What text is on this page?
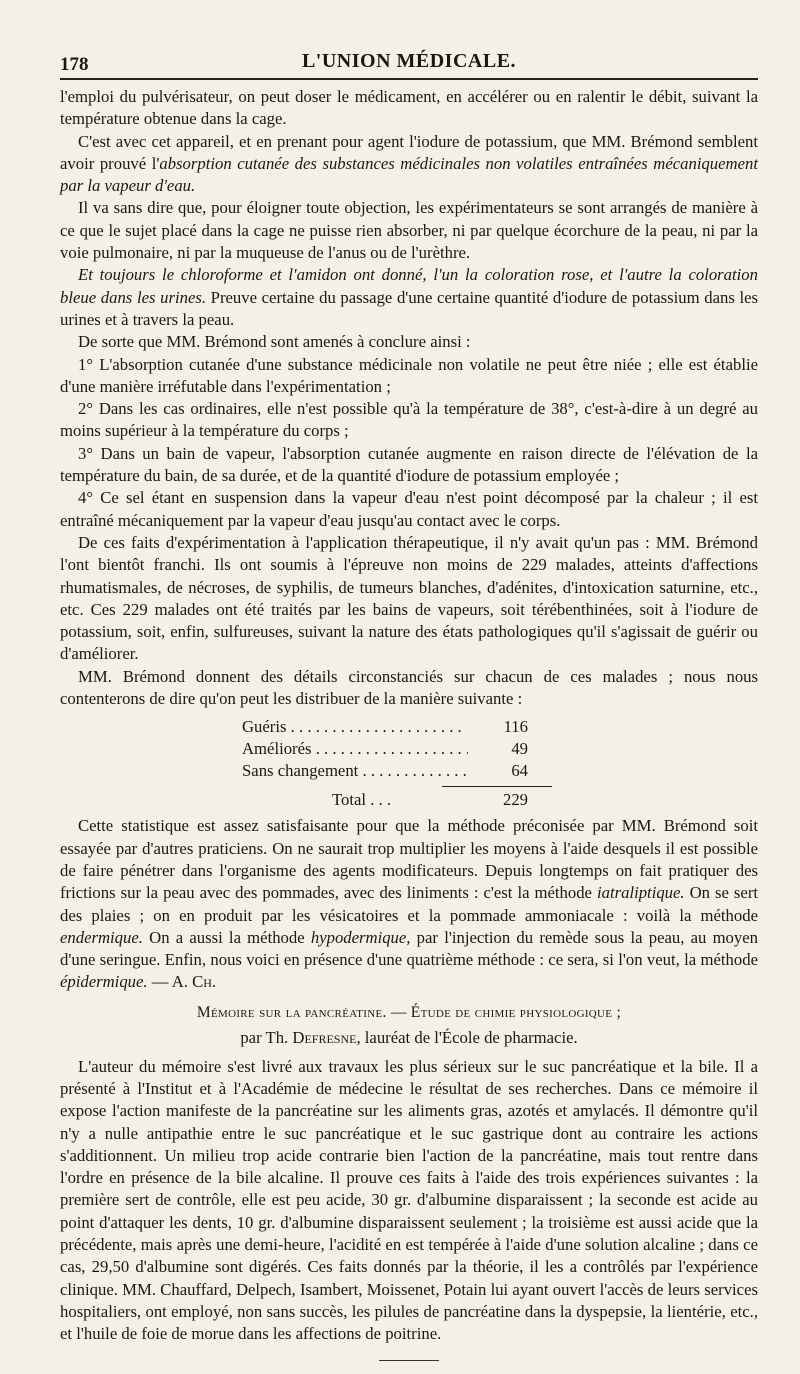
178	L'UNION MÉDICALE.

l'emploi du pulvérisateur, on peut doser le médicament, en accélérer ou en ralentir le débit, suivant la température obtenue dans la cage.

C'est avec cet appareil, et en prenant pour agent l'iodure de potassium, que MM. Brémond semblent avoir prouvé l'absorption cutanée des substances médicinales non volatiles entraînées mécaniquement par la vapeur d'eau.

Il va sans dire que, pour éloigner toute objection, les expérimentateurs se sont arrangés de manière à ce que le sujet placé dans la cage ne puisse rien absorber, ni par quelque écorchure de la peau, ni par la voie pulmonaire, ni par la muqueuse de l'anus ou de l'urèthre.

Et toujours le chloroforme et l'amidon ont donné, l'un la coloration rose, et l'autre la coloration bleue dans les urines. Preuve certaine du passage d'une certaine quantité d'iodure de potassium dans les urines et à travers la peau.

De sorte que MM. Brémond sont amenés à conclure ainsi :

1° L'absorption cutanée d'une substance médicinale non volatile ne peut être niée ; elle est établie d'une manière irréfutable dans l'expérimentation ;

2° Dans les cas ordinaires, elle n'est possible qu'à la température de 38°, c'est-à-dire à un degré au moins supérieur à la température du corps ;

3° Dans un bain de vapeur, l'absorption cutanée augmente en raison directe de l'élévation de la température du bain, de sa durée, et de la quantité d'iodure de potassium employée ;

4° Ce sel étant en suspension dans la vapeur d'eau n'est point décomposé par la chaleur ; il est entraîné mécaniquement par la vapeur d'eau jusqu'au contact avec le corps.

De ces faits d'expérimentation à l'application thérapeutique, il n'y avait qu'un pas : MM. Brémond l'ont bientôt franchi. Ils ont soumis à l'épreuve non moins de 229 malades, atteints d'affections rhumatismales, de nécroses, de syphilis, de tumeurs blanches, d'adénites, d'intoxication saturnine, etc., etc. Ces 229 malades ont été traités par les bains de vapeurs, soit térébenthinées, soit à l'iodure de potassium, soit, enfin, sulfureuses, suivant la nature des états pathologiques qu'il s'agissait de guérir ou d'améliorer.

MM. Brémond donnent des détails circonstanciés sur chacun de ces malades ; nous nous contenterons de dire qu'on peut les distribuer de la manière suivante :

Guéris . . .	116
Améliorés . . .	49
Sans changement . . .	64
Total . . .	229

Cette statistique est assez satisfaisante pour que la méthode préconisée par MM. Brémond soit essayée par d'autres praticiens. On ne saurait trop multiplier les moyens à l'aide desquels il est possible de faire pénétrer dans l'organisme des agents modificateurs. Depuis longtemps on fait pratiquer des frictions sur la peau avec des pommades, avec des liniments : c'est la méthode iatraliptique. On se sert des plaies ; on en produit par les vésicatoires et la pommade ammoniacale : voilà la méthode endermique. On a aussi la méthode hypodermique, par l'injection du remède sous la peau, au moyen d'une seringue. Enfin, nous voici en présence d'une quatrième méthode : ce sera, si l'on veut, la méthode épidermique. — A. Ch.

Mémoire sur la pancréatine. — Étude de chimie physiologique ;
par Th. Defresne, lauréat de l'École de pharmacie.

L'auteur du mémoire s'est livré aux travaux les plus sérieux sur le suc pancréatique et la bile. Il a présenté à l'Institut et à l'Académie de médecine le résultat de ses recherches. Dans ce mémoire il expose l'action manifeste de la pancréatine sur les aliments gras, azotés et amylacés. Il démontre qu'il n'y a nulle antipathie entre le suc pancréatique et le suc gastrique dont au contraire les actions s'additionnent. Un milieu trop acide contrarie bien l'action de la pancréatine, mais tout rentre dans l'ordre en présence de la bile alcaline. Il prouve ces faits à l'aide des trois expériences suivantes : la première sert de contrôle, elle est peu acide, 30 gr. d'albumine disparaissent ; la seconde est acide au point d'attaquer les dents, 10 gr. d'albumine disparaissent seulement ; la troisième est aussi acide que la précédente, mais après une demi-heure, l'acidité en est tempérée à l'aide d'une solution alcaline ; dans ce cas, 29,50 d'albumine sont digérés. Ces faits donnés par la théorie, il les a contrôlés par l'expérience clinique. MM. Chauffard, Delpech, Isambert, Moissenet, Potain lui ayant ouvert l'accès de leurs services hospitaliers, ont employé, non sans succès, les pilules de pancréatine dans la dyspepsie, la lientérie, etc., et l'huile de foie de morue dans les affections de poitrine.
